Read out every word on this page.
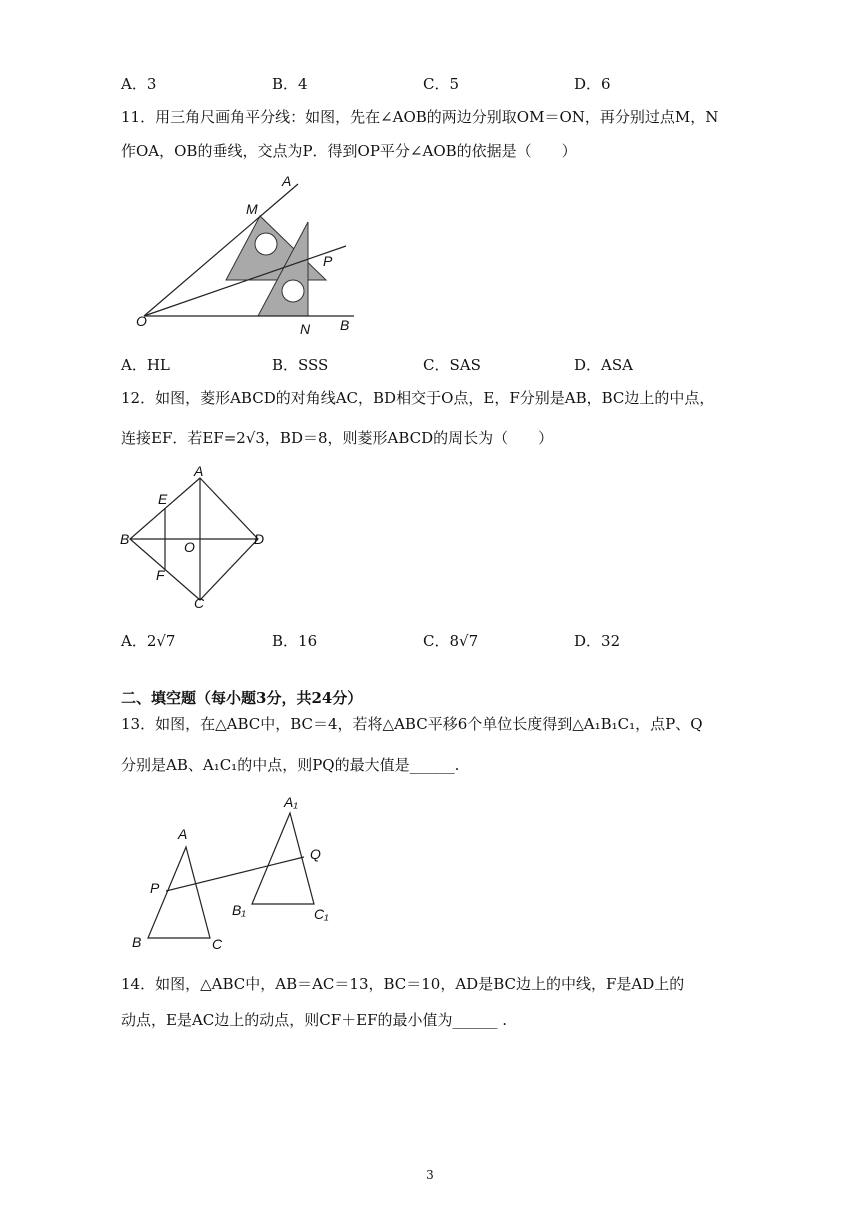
A．3	B．4	C．5	D．6
11．用三角尺画角平分线：如图，先在∠AOB的两边分别取OM＝ON，再分别过点M，N
作OA，OB的垂线，交点为P．得到OP平分∠AOB的依据是（　　）
A
M
P
O	N B
A．HL	B．SSS	C．SAS	D．ASA
12．如图，菱形ABCD的对角线AC，BD相交于O点，E，F分别是AB，BC边上的中点，
连接EF．若EF=2√3，BD＝8，则菱形ABCD的周长为（　　）
A
E
B	O	D
F
C
A．2√7	B．16	C．8√7	D．32
二、填空题（每小题3分，共24分）
13．如图，在△ABC中，BC＝4，若将△ABC平移6个单位长度得到△A₁B₁C₁，点P、Q
分别是AB、A₁C₁的中点，则PQ的最大值是______.
A₁
A
Q
P
B₁	C₁
B	C
14．如图，△ABC中，AB＝AC＝13，BC＝10，AD是BC边上的中线，F是AD上的
动点，E是AC边上的动点，则CF＋EF的最小值为______ .
3
